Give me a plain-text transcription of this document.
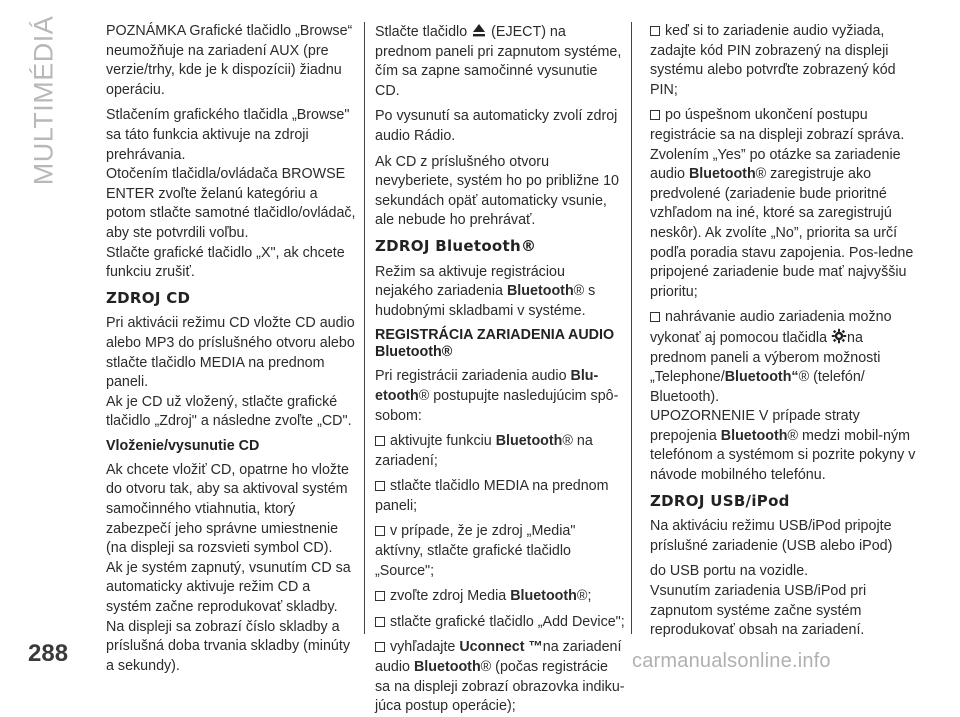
MULTIMÉDIÁ	POZNÁMKA Grafické tlačidlo „Browse“ neumožňuje na zariadení AUX (pre verzie/trhy, kde je k dispozícii) žiadnu operáciu.

Stlačením grafického tlačidla „Browse" sa táto funkcia aktivuje na zdroji prehrávania.
Otočením tlačidla/ovládača BROWSE ENTER zvoľte želanú kategóriu a potom stlačte samotné tlačidlo/ovládač, aby ste potvrdili voľbu.
Stlačte grafické tlačidlo „X", ak chcete funkciu zrušiť.

ZDROJ CD

Pri aktivácii režimu CD vložte CD audio alebo MP3 do príslušného otvoru alebo stlačte tlačidlo MEDIA na prednom paneli.
Ak je CD už vložený, stlačte grafické tlačidlo „Zdroj" a následne zvoľte „CD".

Vloženie/vysunutie CD

Ak chcete vložiť CD, opatrne ho vložte do otvoru tak, aby sa aktivoval systém samočinného vtiahnutia, ktorý zabezpečí jeho správne umiestnenie (na displeji sa rozsvieti symbol CD).
Ak je systém zapnutý, vsunutím CD sa automaticky aktivuje režim CD a systém začne reprodukovať skladby.
Na displeji sa zobrazí číslo skladby a príslušná doba trvania skladby (minúty a sekundy).

Stlačte tlačidlo (EJECT) na prednom paneli pri zapnutom systéme, čím sa zapne samočinné vysunutie CD.

Po vysunutí sa automaticky zvolí zdroj audio Rádio.

Ak CD z príslušného otvoru nevyberiete, systém ho po približne 10 sekundách opäť automaticky vsunie, ale nebude ho prehrávať.

ZDROJ Bluetooth®

Režim sa aktivuje registráciou nejakého zariadenia Bluetooth® s hudobnými skladbami v systéme.

REGISTRÁCIA ZARIADENIA AUDIO Bluetooth®

Pri registrácii zariadenia audio Blu-etooth® postupujte nasledujúcim spô-sobom:

aktivujte funkciu Bluetooth® na zariadení;

stlačte tlačidlo MEDIA na prednom paneli;

v prípade, že je zdroj „Media" aktívny, stlačte grafické tlačidlo „Source";

zvoľte zdroj Media Bluetooth®;

stlačte grafické tlačidlo „Add Device";

vyhľadajte Uconnect ™na zariadení audio Bluetooth® (počas registrácie sa na displeji zobrazí obrazovka indiku-júca postup operácie);

keď si to zariadenie audio vyžiada, zadajte kód PIN zobrazený na displeji systému alebo potvrďte zobrazený kód PIN;

po úspešnom ukončení postupu registrácie sa na displeji zobrazí správa.
Zvolením „Yes” po otázke sa zariadenie audio Bluetooth® zaregistruje ako predvolené (zariadenie bude prioritné vzhľadom na iné, ktoré sa zaregistrujú neskôr). Ak zvolíte „No”, priorita sa určí podľa poradia stavu zapojenia. Pos-ledne pripojené zariadenie bude mať najvyššiu prioritu;

nahrávanie audio zariadenia možno vykonať aj pomocou tlačidla na prednom paneli a výberom možnosti „Telephone/Bluetooth“® (telefón/ Bluetooth).
UPOZORNENIE V prípade straty prepojenia Bluetooth® medzi mobil-ným telefónom a systémom si pozrite pokyny v návode mobilného telefónu.

ZDROJ USB/iPod

Na aktiváciu režimu USB/iPod pripojte príslušné zariadenie (USB alebo iPod)

do USB portu na vozidle.
Vsunutím zariadenia USB/iPod pri zapnutom systéme začne systém reprodukovať obsah na zariadení.

288	carmanualsonline.info
